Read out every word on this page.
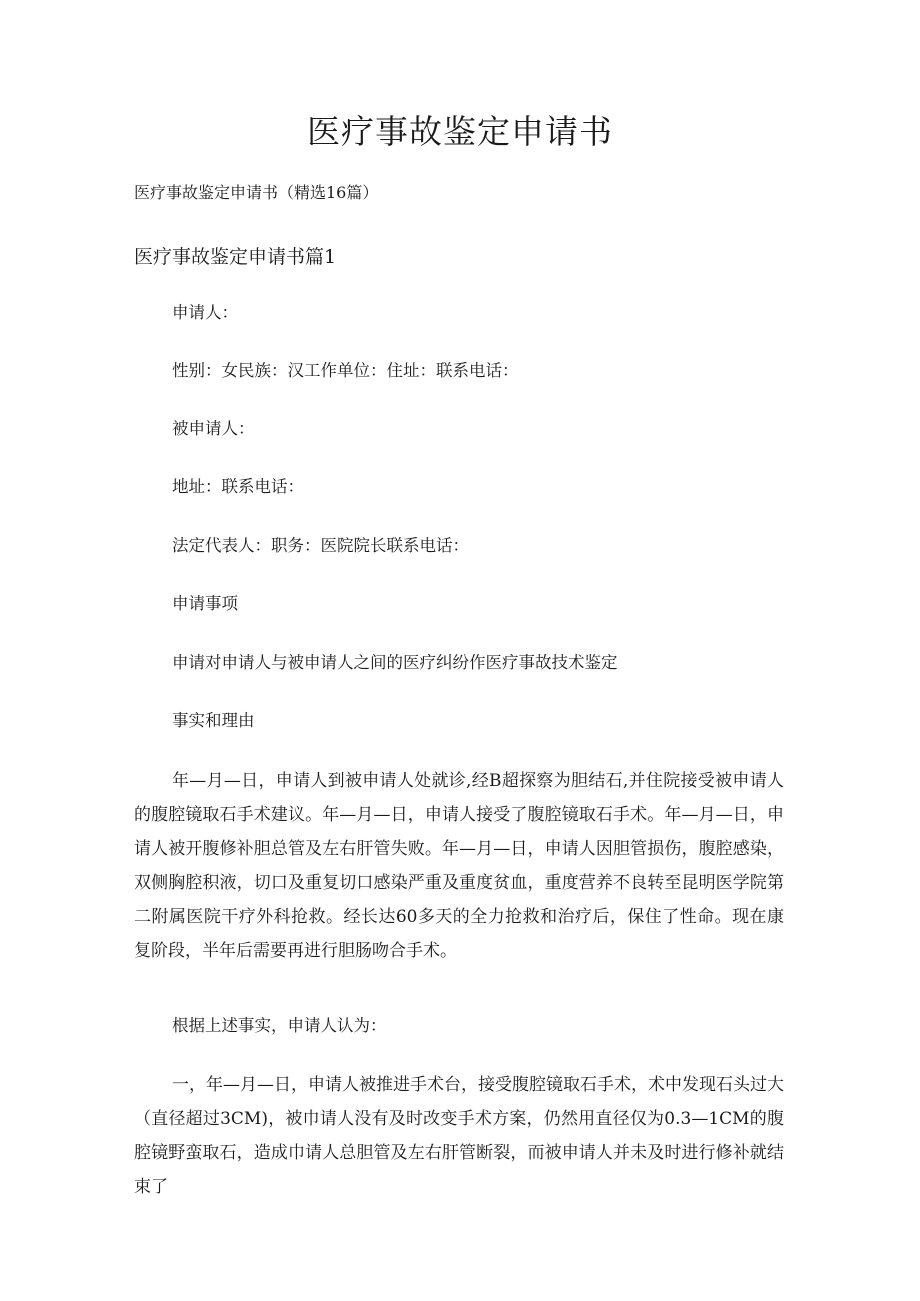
医疗事故鉴定申请书
医疗事故鉴定申请书（精选16篇）
医疗事故鉴定申请书篇1
申请人：
性别：女民族：汉工作单位：住址：联系电话：
被申请人：
地址：联系电话：
法定代表人：职务：医院院长联系电话：
申请事项
申请对申请人与被申请人之间的医疗纠纷作医疗事故技术鉴定
事实和理由
年—月—日，申请人到被申请人处就诊,经B超探察为胆结石,并住院接受被申请人的腹腔镜取石手术建议。年—月—日，申请人接受了腹腔镜取石手术。年—月—日，申请人被开腹修补胆总管及左右肝管失败。年—月—日，申请人因胆管损伤，腹腔感染，双侧胸腔积液，切口及重复切口感染严重及重度贫血，重度营养不良转至昆明医学院第二附属医院干疗外科抢救。经长达60多天的全力抢救和治疗后，保住了性命。现在康复阶段，半年后需要再进行胆肠吻合手术。
根据上述事实，申请人认为：
一，年—月—日，申请人被推进手术台，接受腹腔镜取石手术，术中发现石头过大（直径超过3CM)，被巾请人没有及时改变手术方案，仍然用直径仅为0.3—1CM的腹腔镜野蛮取石，造成巾请人总胆管及左右肝管断裂，而被申请人并未及时进行修补就结束了
